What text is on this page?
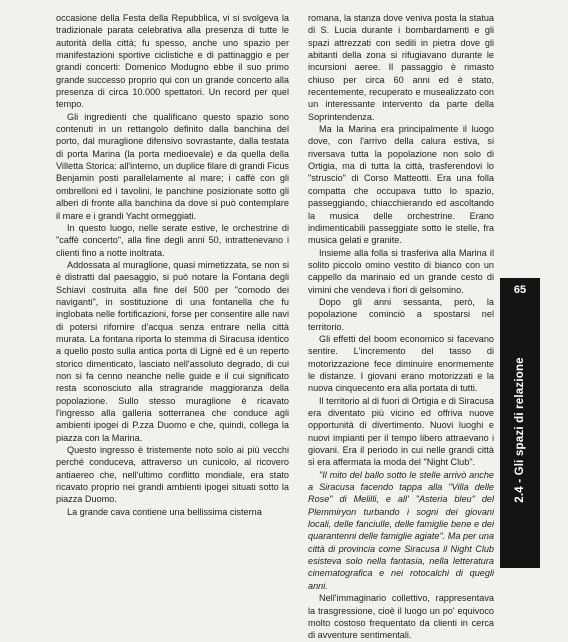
occasione della Festa della Repubblica, vi si svolgeva la tradizionale parata celebrativa alla presenza di tutte le autorità della città; fu spesso, anche uno spazio per manifestazioni sportive ciclistiche e di pattinaggio e per grandi concerti: Domenico Modugno ebbe il suo primo grande successo proprio qui con un grande concerto alla presenza di circa 10.000 spettatori. Un record per quel tempo.

Gli ingredienti che qualificano questo spazio sono contenuti in un rettangolo definito dalla banchina del porto, dal muraglione difensivo sovrastante, dalla testata di porta Marina (la porta medioevale) e da quella della Villetta Storica: all'interno, un duplice filare di grandi Ficus Benjamin posti parallelamente al mare; i caffè con gli ombrelloni ed i tavolini, le panchine posizionate sotto gli alberi di fronte alla banchina da dove si può contemplare il mare e i grandi Yacht ormeggiati.

In questo luogo, nelle serate estive, le orchestrine di "caffè concerto", alla fine degli anni 50, intrattenevano i clienti fino a notte inoltrata.

Addossata al muraglione, quasi mimetizzata, se non si è distratti dal paesaggio, si può notare la Fontana degli Schiavi costruita alla fine del 500 per "comodo dei naviganti", in sostituzione di una fontanella che fu inglobata nelle fortificazioni, forse per consentire alle navi di potersi rifornire d'acqua senza entrare nella città murata. La fontana riporta lo stemma di Siracusa identico a quello posto sulla antica porta di Lignè ed è un reperto storico dimenticato, lasciato nell'assoluto degrado, di cui non si fa cenno neanche nelle guide e il cui significato resta sconosciuto alla stragrande maggioranza della popolazione. Sullo stesso muraglione è ricavato l'ingresso alla galleria sotterranea che conduce agli ambienti ipogei di P.zza Duomo e che, quindi, collega la piazza con la Marina.

Questo ingresso è tristemente noto solo ai più vecchi perché conduceva, attraverso un cunicolo, al ricovero antiaereo che, nell'ultimo conflitto mondiale, era stato ricavato proprio nei grandi ambienti ipogei situati sotto la piazza Duomo.

La grande cava contiene una bellissima cisterna

romana, la stanza dove veniva posta la statua di S. Lucia durante i bombardamenti e gli spazi attrezzati con sedili in pietra dove gli abitanti della zona si rifugiavano durante le incursioni aeree. Il passaggio è rimasto chiuso per circa 60 anni ed è stato, recentemente, recuperato e musealizzato con un interessante intervento da parte della Soprintendenza.

Ma la Marina era principalmente il luogo dove, con l'arrivo della calura estiva, si riversava tutta la popolazione non solo di Ortigia, ma di tutta la città, trasferendovi lo "struscio" di Corso Matteotti. Era una folla compatta che occupava tutto lo spazio, passeggiando, chiacchierando ed ascoltando la musica delle orchestrine. Erano indimenticabili passeggiate sotto le stelle, fra musica gelati e granite.

Insieme alla folla si trasferiva alla Marina il solito piccolo omino vestito di bianco con un cappello da marinaio ed un grande cesto di vimini che vendeva i fiori di gelsomino.

Dopo gli anni sessanta, però, la popolazione cominciò a spostarsi nel territorio.

Gli effetti del boom economico si facevano sentire. L'incremento del tasso di motorizzazione fece diminuire enormemente le distanze. I giovani erano motorizzati e la nuova cinquecento era alla portata di tutti.

Il territorio al di fuori di Ortigia e di Siracusa era diventato più vicino ed offriva nuove opportunità di divertimento. Nuovi luoghi e nuovi impianti per il tempo libero attraevano i giovani. Era il periodo in cui nelle grandi città si era affermata la moda del "Night Club".

"Il mito del ballo sotto le stelle arrivò anche a Siracusa facendo tappa alla "Villa delle Rose" di Melilli, e all' "Asteria bleu" del Plemmiryon turbando i sogni dei giovani locali, delle fanciulle, delle famiglie bene e dei quarantenni delle famiglie agiate". Ma per una città di provincia come Siracusa il Night Club esisteva solo nella fantasia, nella letteratura cinematografica e nei rotocalchi di quegli anni.

Nell'immaginario collettivo, rappresentava la trasgressione, cioè il luogo un po' equivoco molto costoso frequentato da clienti in cerca di avventure sentimentali.

65
2.4 - Gli spazi di relazione
